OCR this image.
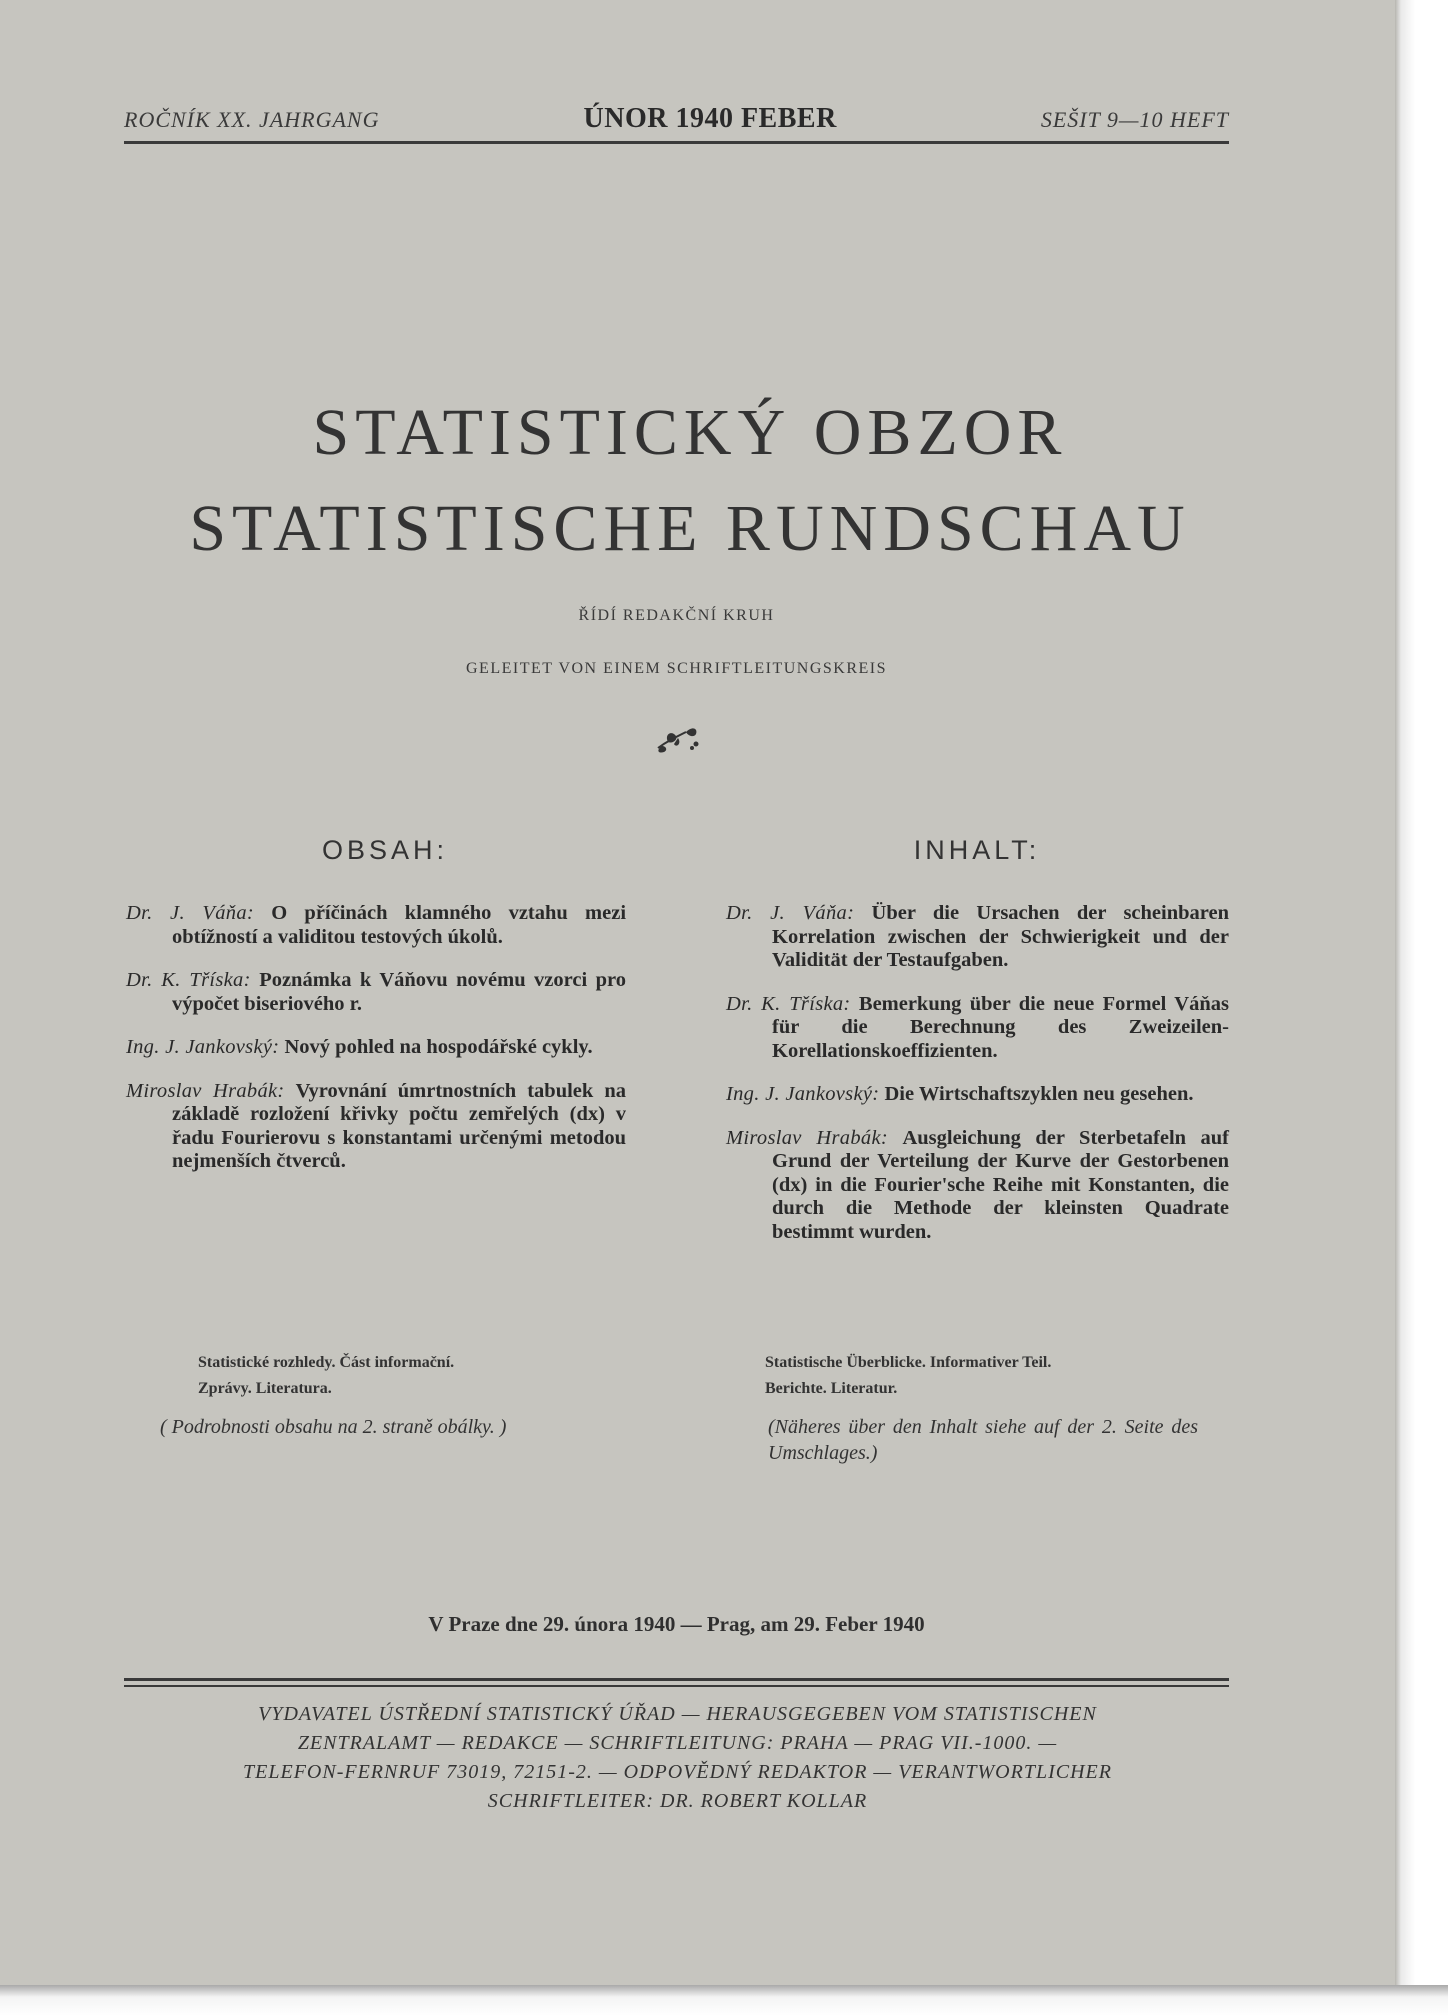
ROČNÍK XX. JAHRGANG	ÚNOR 1940 FEBER	SEŠIT 9—10 HEFT
STATISTICKÝ OBZOR
STATISTISCHE RUNDSCHAU
ŘÍDÍ REDAKČNÍ KRUH
GELEITET VON EINEM SCHRIFTLEITUNGSKREIS
OBSAH:	INHALT:
Dr. J. Váňa: O příčinách klamného vztahu mezi obtížností a validitou testových úkolů.
Dr. K. Tříska: Poznámka k Váňovu novému vzorci pro výpočet biseriového r.
Ing. J. Jankovský: Nový pohled na hospodářské cykly.
Miroslav Hrabák: Vyrovnání úmrtnostních tabulek na základě rozložení křivky počtu zemřelých (dx) v řadu Fourierovu s konstantami určenými metodou nejmenších čtverců.
Dr. J. Váňa: Über die Ursachen der scheinbaren Korrelation zwischen der Schwierigkeit und der Validität der Testaufgaben.
Dr. K. Tříska: Bemerkung über die neue Formel Váňas für die Berechnung des Zweizeilen-Korellationskoeffizienten.
Ing. J. Jankovský: Die Wirtschaftszyklen neu gesehen.
Miroslav Hrabák: Ausgleichung der Sterbetafeln auf Grund der Verteilung der Kurve der Gestorbenen (dx) in die Fourier'sche Reihe mit Konstanten, die durch die Methode der kleinsten Quadrate bestimmt wurden.
Statistické rozhledy. Část informační.
Zprávy. Literatura.
Statistische Überblicke. Informativer Teil.
Berichte. Literatur.
( Podrobnosti obsahu na 2. straně obálky. )	(Näheres über den Inhalt siehe auf der 2. Seite des Umschlages.)
V Praze dne 29. února 1940 — Prag, am 29. Feber 1940
VYDAVATEL ÚSTŘEDNÍ STATISTICKÝ ÚŘAD — HERAUSGEGEBEN VOM STATISTISCHEN
ZENTRALAMT — REDAKCE — SCHRIFTLEITUNG: PRAHA — PRAG VII.-1000. —
TELEFON-FERNRUF 73019, 72151-2. — ODPOVĚDNÝ REDAKTOR — VERANTWORTLICHER
SCHRIFTLEITER: DR. ROBERT KOLLAR
